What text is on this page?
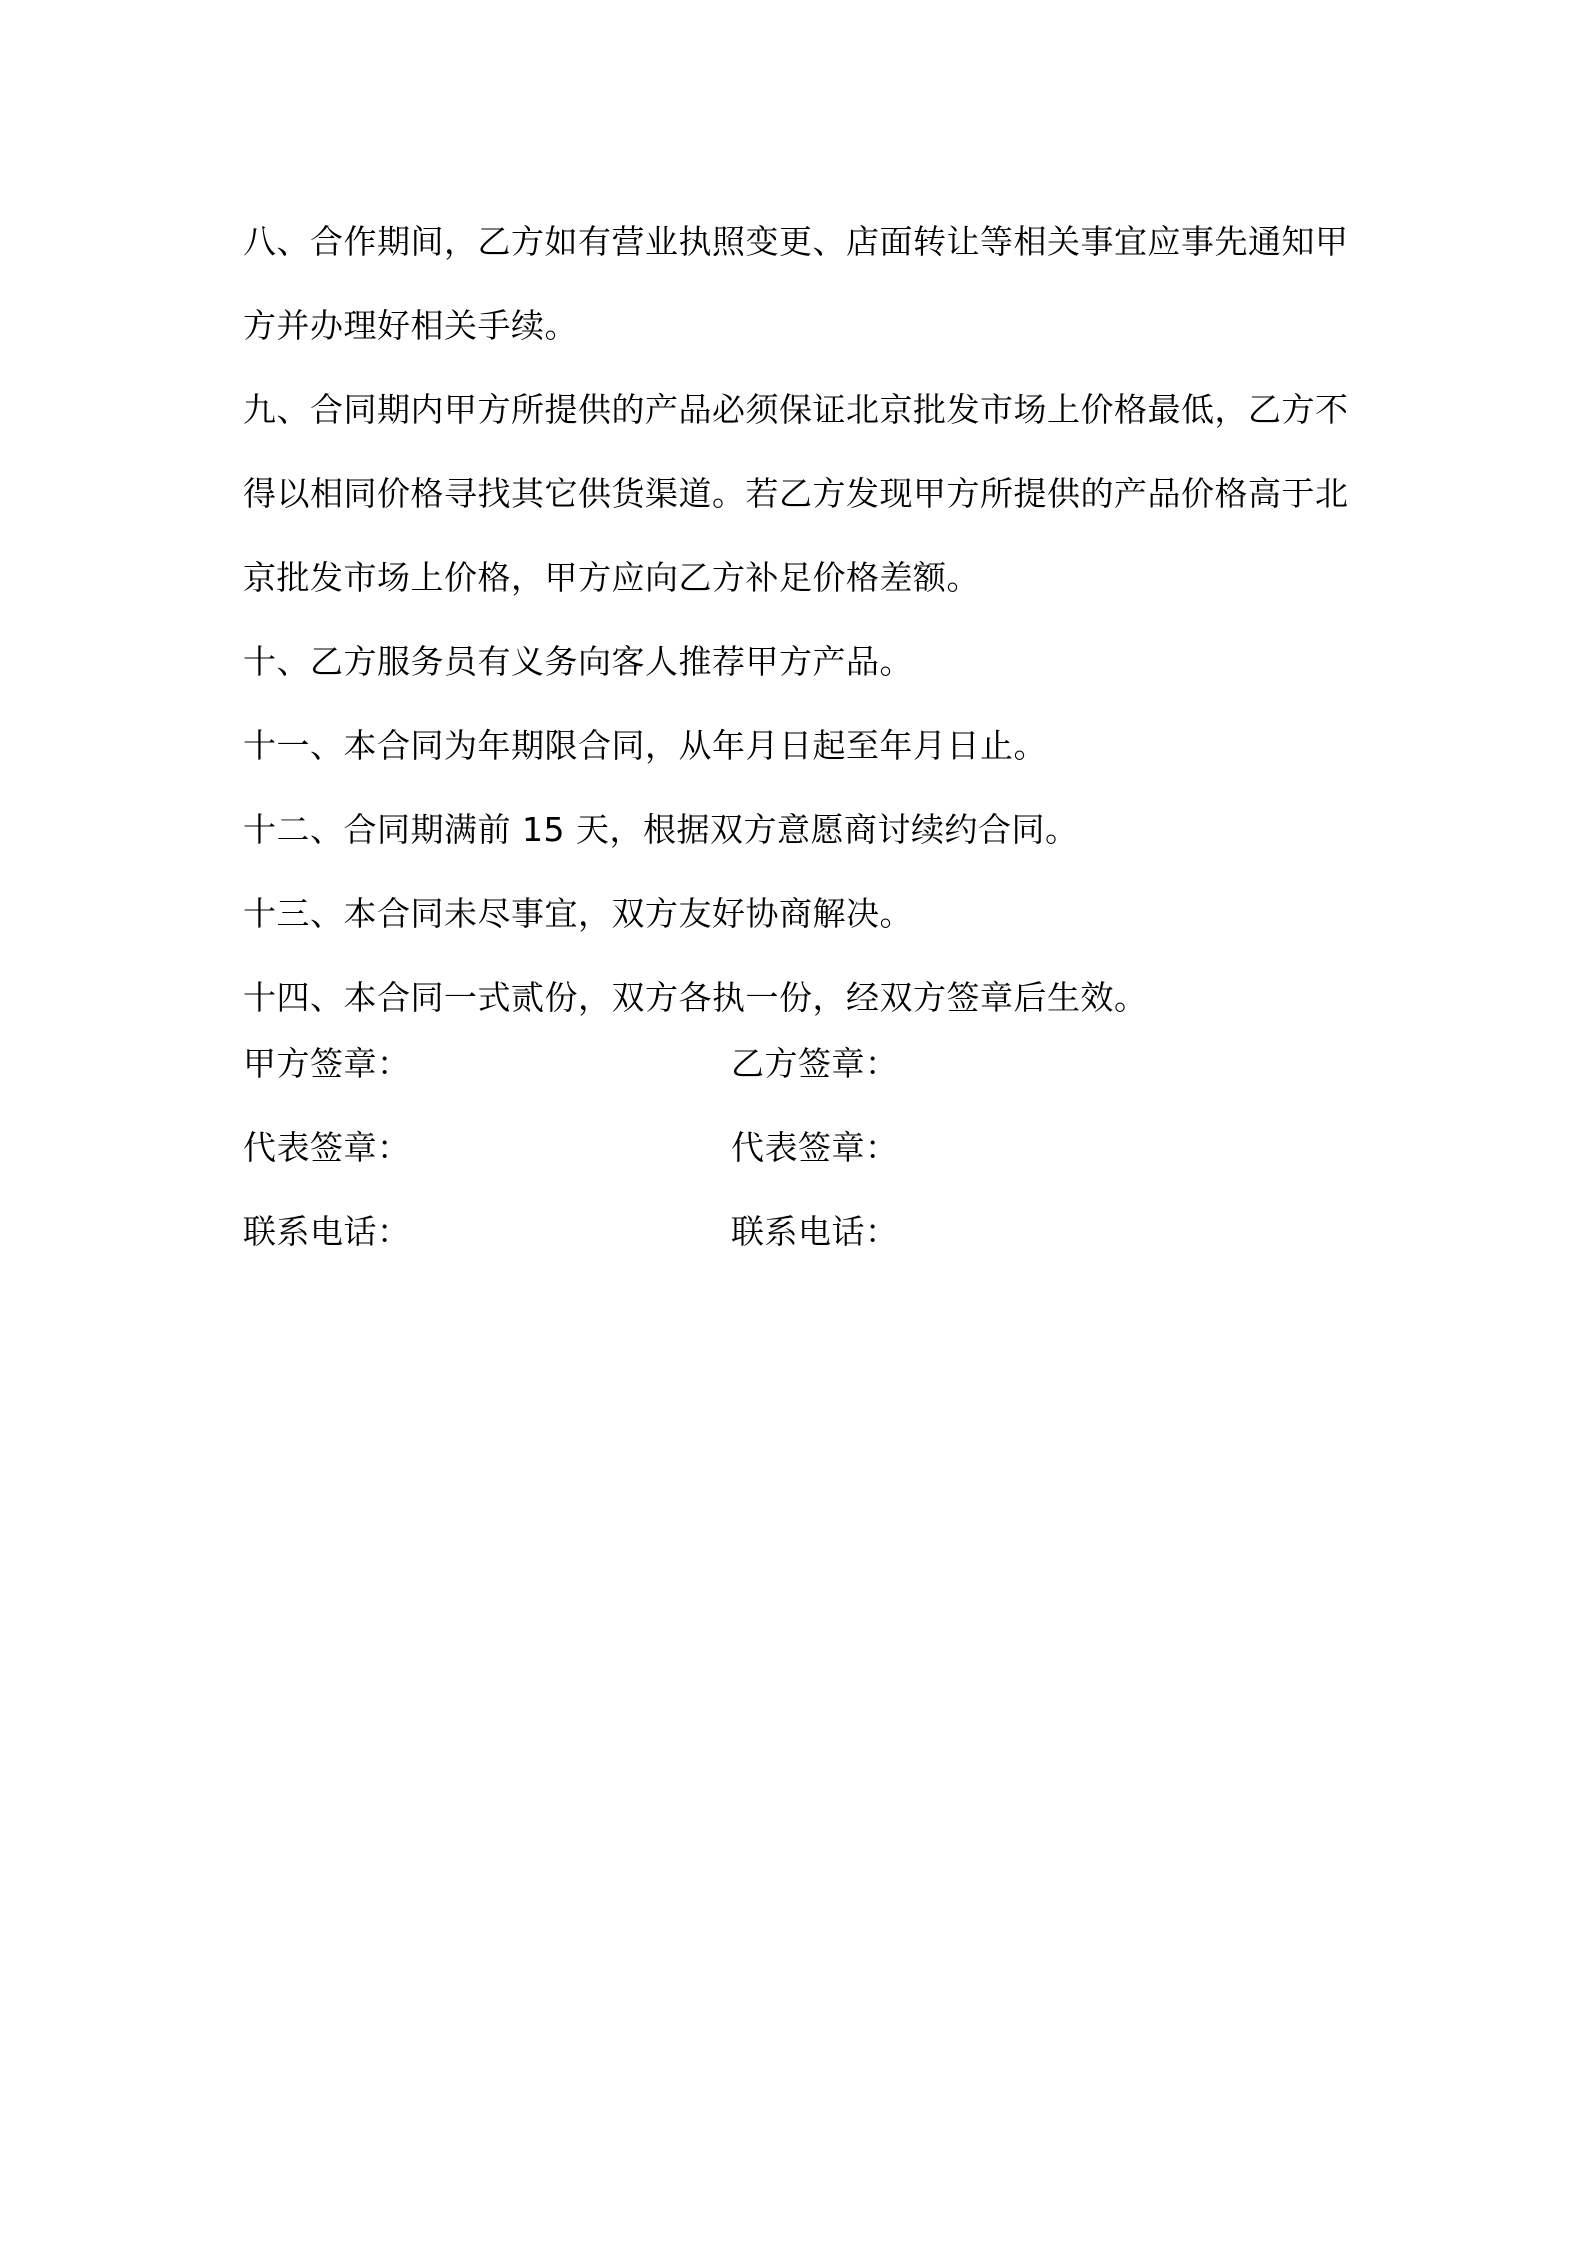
八、合作期间，乙方如有营业执照变更、店面转让等相关事宜应事先通知甲方并办理好相关手续。

九、合同期内甲方所提供的产品必须保证北京批发市场上价格最低，乙方不得以相同价格寻找其它供货渠道。若乙方发现甲方所提供的产品价格高于北京批发市场上价格，甲方应向乙方补足价格差额。

十、乙方服务员有义务向客人推荐甲方产品。

十一、本合同为年期限合同，从年月日起至年月日止。

十二、合同期满前 15 天，根据双方意愿商讨续约合同。

十三、本合同未尽事宜，双方友好协商解决。

十四、本合同一式贰份，双方各执一份，经双方签章后生效。

甲方签章：	乙方签章：
代表签章：	代表签章：
联系电话：	联系电话：
